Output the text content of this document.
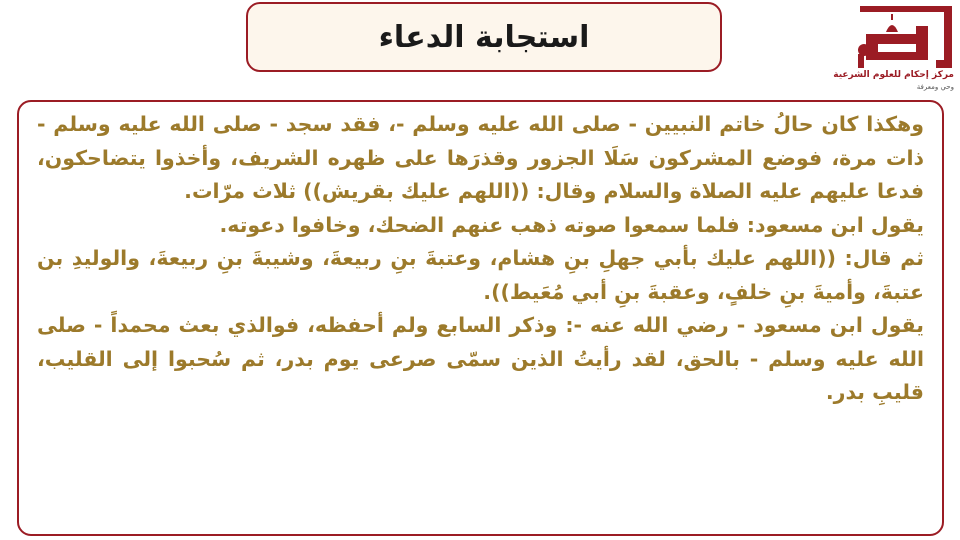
استجابة الدعاء
مركز إحكام للعلوم الشرعية
وحي ومعرفة

وهكذا كان حالُ خاتم النبيين - صلى الله عليه وسلم -، فقد سجد - صلى الله عليه وسلم - ذات مرة، فوضع المشركون سَلَا الجزور وقذرَها على ظهره الشريف، وأخذوا يتضاحكون، فدعا عليهم عليه الصلاة والسلام وقال: ((اللهم عليك بقريش)) ثلاث مرّات.

يقول ابن مسعود: فلما سمعوا صوته ذهب عنهم الضحك، وخافوا دعوته.

ثم قال: ((اللهم عليك بأبي جهلِ بنِ هشام، وعتبةَ بنِ ربيعةَ، وشيبةَ بنِ ربيعةَ، والوليدِ بن عتبةَ، وأميةَ بنِ خلفٍ، وعقبةَ بنِ أبي مُعَيط)).

يقول ابن مسعود - رضي الله عنه -: وذكر السابع ولم أحفظه، فوالذي بعث محمداً - صلى الله عليه وسلم - بالحق، لقد رأيتُ الذين سمّى صرعى يوم بدر، ثم سُحبوا إلى القليب، قليبِ بدر.
